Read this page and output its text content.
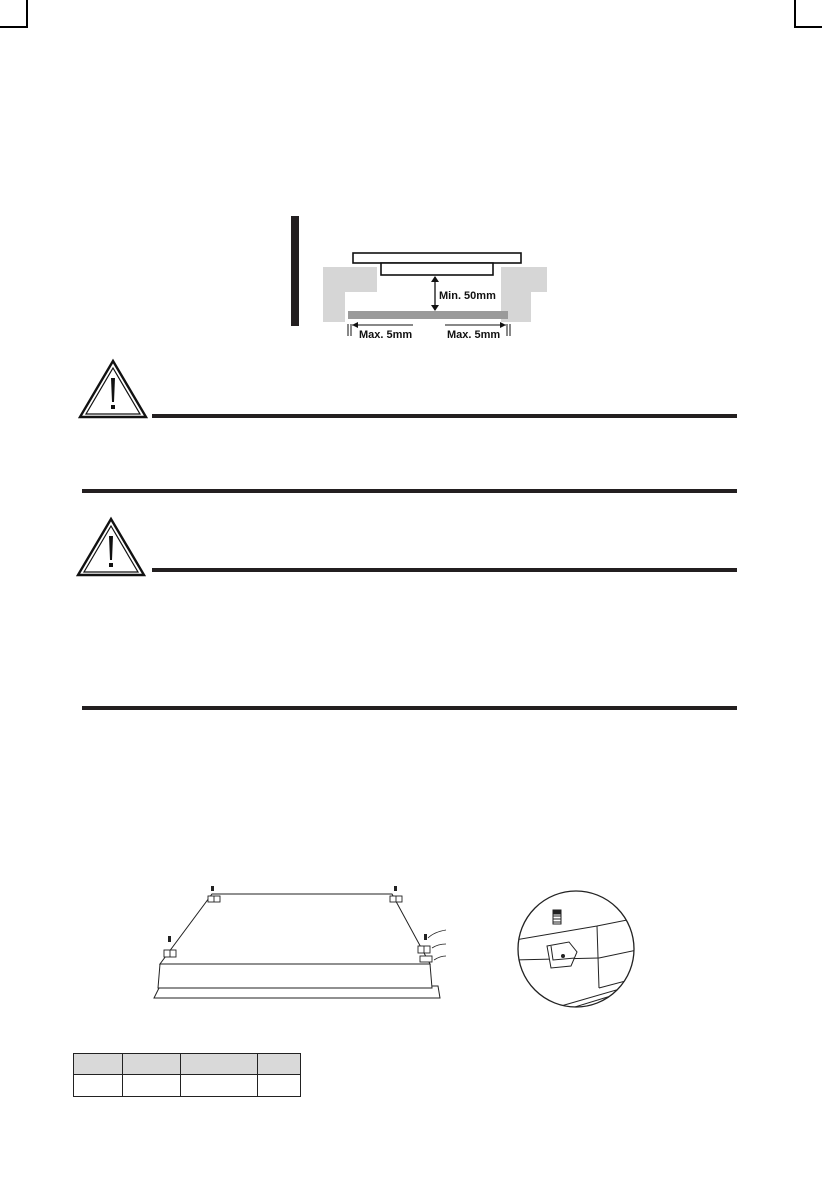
Min. 50mm
Max. 5mm	Max. 5mm
